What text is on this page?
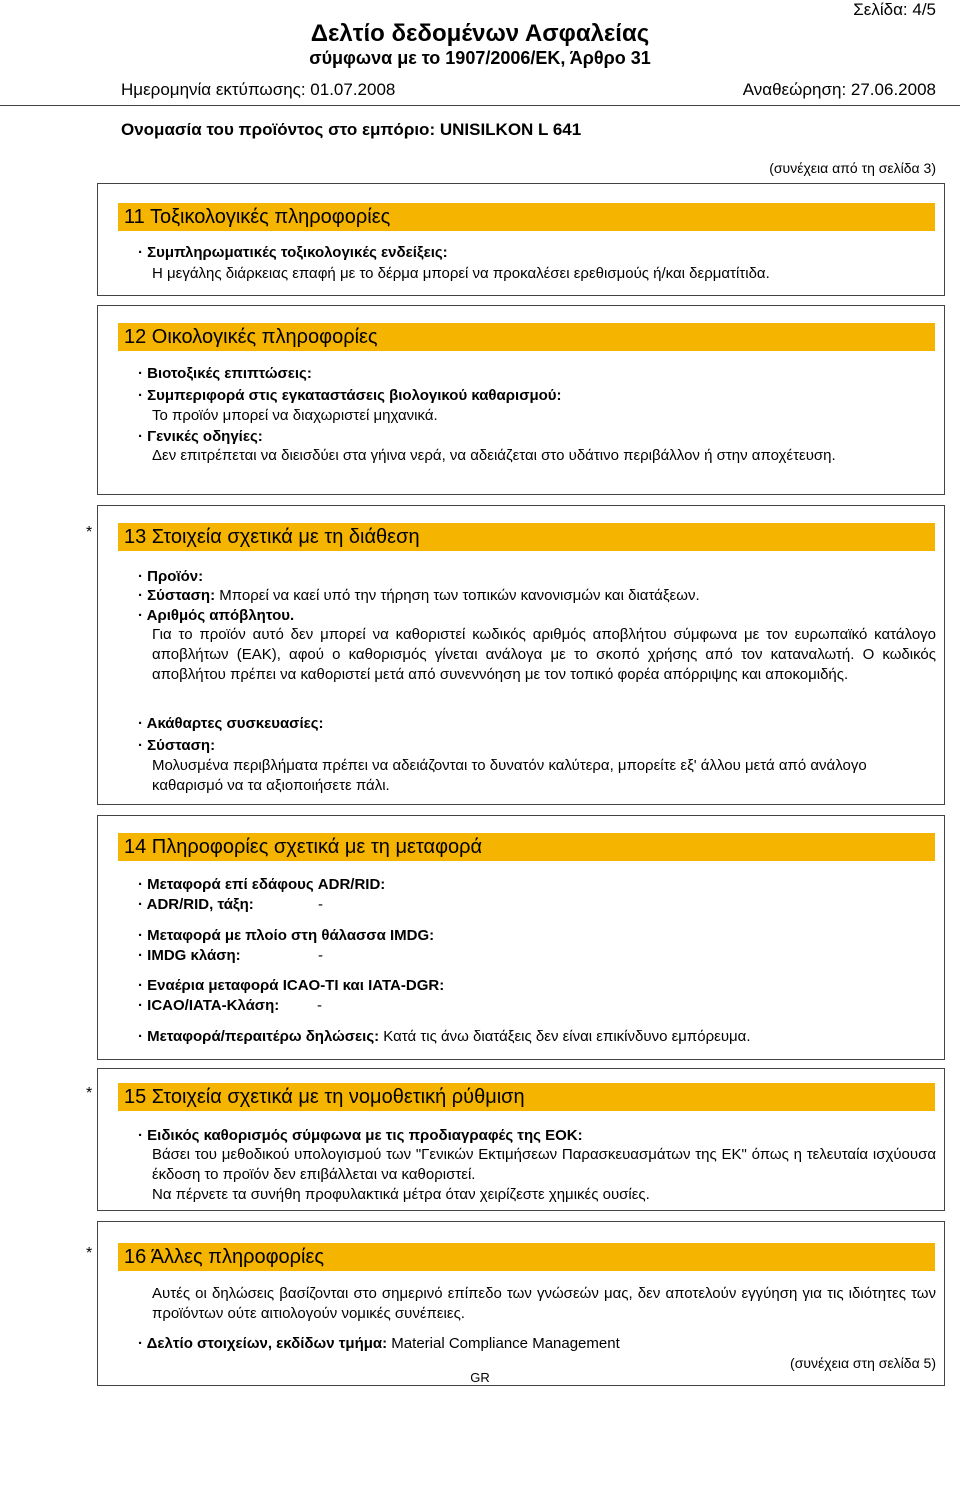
Σελίδα: 4/5
Δελτίο δεδομένων Ασφαλείας
σύμφωνα με το 1907/2006/ΕΚ, Άρθρο 31
Ημερομηνία εκτύπωσης: 01.07.2008	Αναθεώρηση: 27.06.2008
Ονομασία του προϊόντος στο εμπόριο: UNISILKON L 641
(συνέχεια από τη σελίδα 3)
11 Τοξικολογικές πληροφορίες
· Συμπληρωματικές τοξικολογικές ενδείξεις:
Η μεγάλης διάρκειας επαφή με το δέρμα μπορεί να προκαλέσει ερεθισμούς ή/και δερματίτιδα.
12 Οικολογικές πληροφορίες
· Βιοτοξικές επιπτώσεις:
· Συμπεριφορά στις εγκαταστάσεις βιολογικού καθαρισμού:
Το προϊόν μπορεί να διαχωριστεί μηχανικά.
· Γενικές οδηγίες:
Δεν επιτρέπεται να διεισδύει στα γήινα νερά, να αδειάζεται στο υδάτινο περιβάλλον ή στην αποχέτευση.
*	13 Στοιχεία σχετικά με τη διάθεση
· Προϊόν:
· Σύσταση: Μπορεί να καεί υπό την τήρηση των τοπικών κανονισμών και διατάξεων.
· Αριθμός απόβλητου.
Για το προϊόν αυτό δεν μπορεί να καθοριστεί κωδικός αριθμός αποβλήτου σύμφωνα με τον ευρωπαϊκό κατάλογο αποβλήτων (ΕΑΚ), αφού ο καθορισμός γίνεται ανάλογα με το σκοπό χρήσης από τον καταναλωτή. Ο κωδικός αποβλήτου πρέπει να καθοριστεί μετά από συνεννόηση με τον τοπικό φορέα απόρριψης και αποκομιδής.
· Ακάθαρτες συσκευασίες:
· Σύσταση:
Μολυσμένα περιβλήματα πρέπει να αδειάζονται το δυνατόν καλύτερα, μπορείτε εξ' άλλου μετά από ανάλογο καθαρισμό να τα αξιοποιήσετε πάλι.
14 Πληροφορίες σχετικά με τη μεταφορά
· Μεταφορά επί εδάφους ADR/RID:
· ADR/RID, τάξη:	-
· Μεταφορά με πλοίο στη θάλασσα IMDG:
· IMDG κλάση:	-
· Εναέρια μεταφορά ICAO-TI και IATA-DGR:
· ICAO/IATA-Κλάση:	-
· Μεταφορά/περαιτέρω δηλώσεις: Κατά τις άνω διατάξεις δεν είναι επικίνδυνο εμπόρευμα.
*	15 Στοιχεία σχετικά με τη νομοθετική ρύθμιση
· Ειδικός καθορισμός σύμφωνα με τις προδιαγραφές της ΕΟΚ:
Βάσει του μεθοδικού υπολογισμού των "Γενικών Εκτιμήσεων Παρασκευασμάτων της ΕΚ" όπως η τελευταία ισχύουσα έκδοση το προϊόν δεν επιβάλλεται να καθοριστεί.
Να πέρνετε τα συνήθη προφυλακτικά μέτρα όταν χειρίζεστε χημικές ουσίες.
*	16 Άλλες πληροφορίες
Αυτές οι δηλώσεις βασίζονται στο σημερινό επίπεδο των γνώσεών μας, δεν αποτελούν εγγύηση για τις ιδιότητες των προϊόντων ούτε αιτιολογούν νομικές συνέπειες.
· Δελτίο στοιχείων, εκδίδων τμήμα: Material Compliance Management
(συνέχεια στη σελίδα 5)
GR
